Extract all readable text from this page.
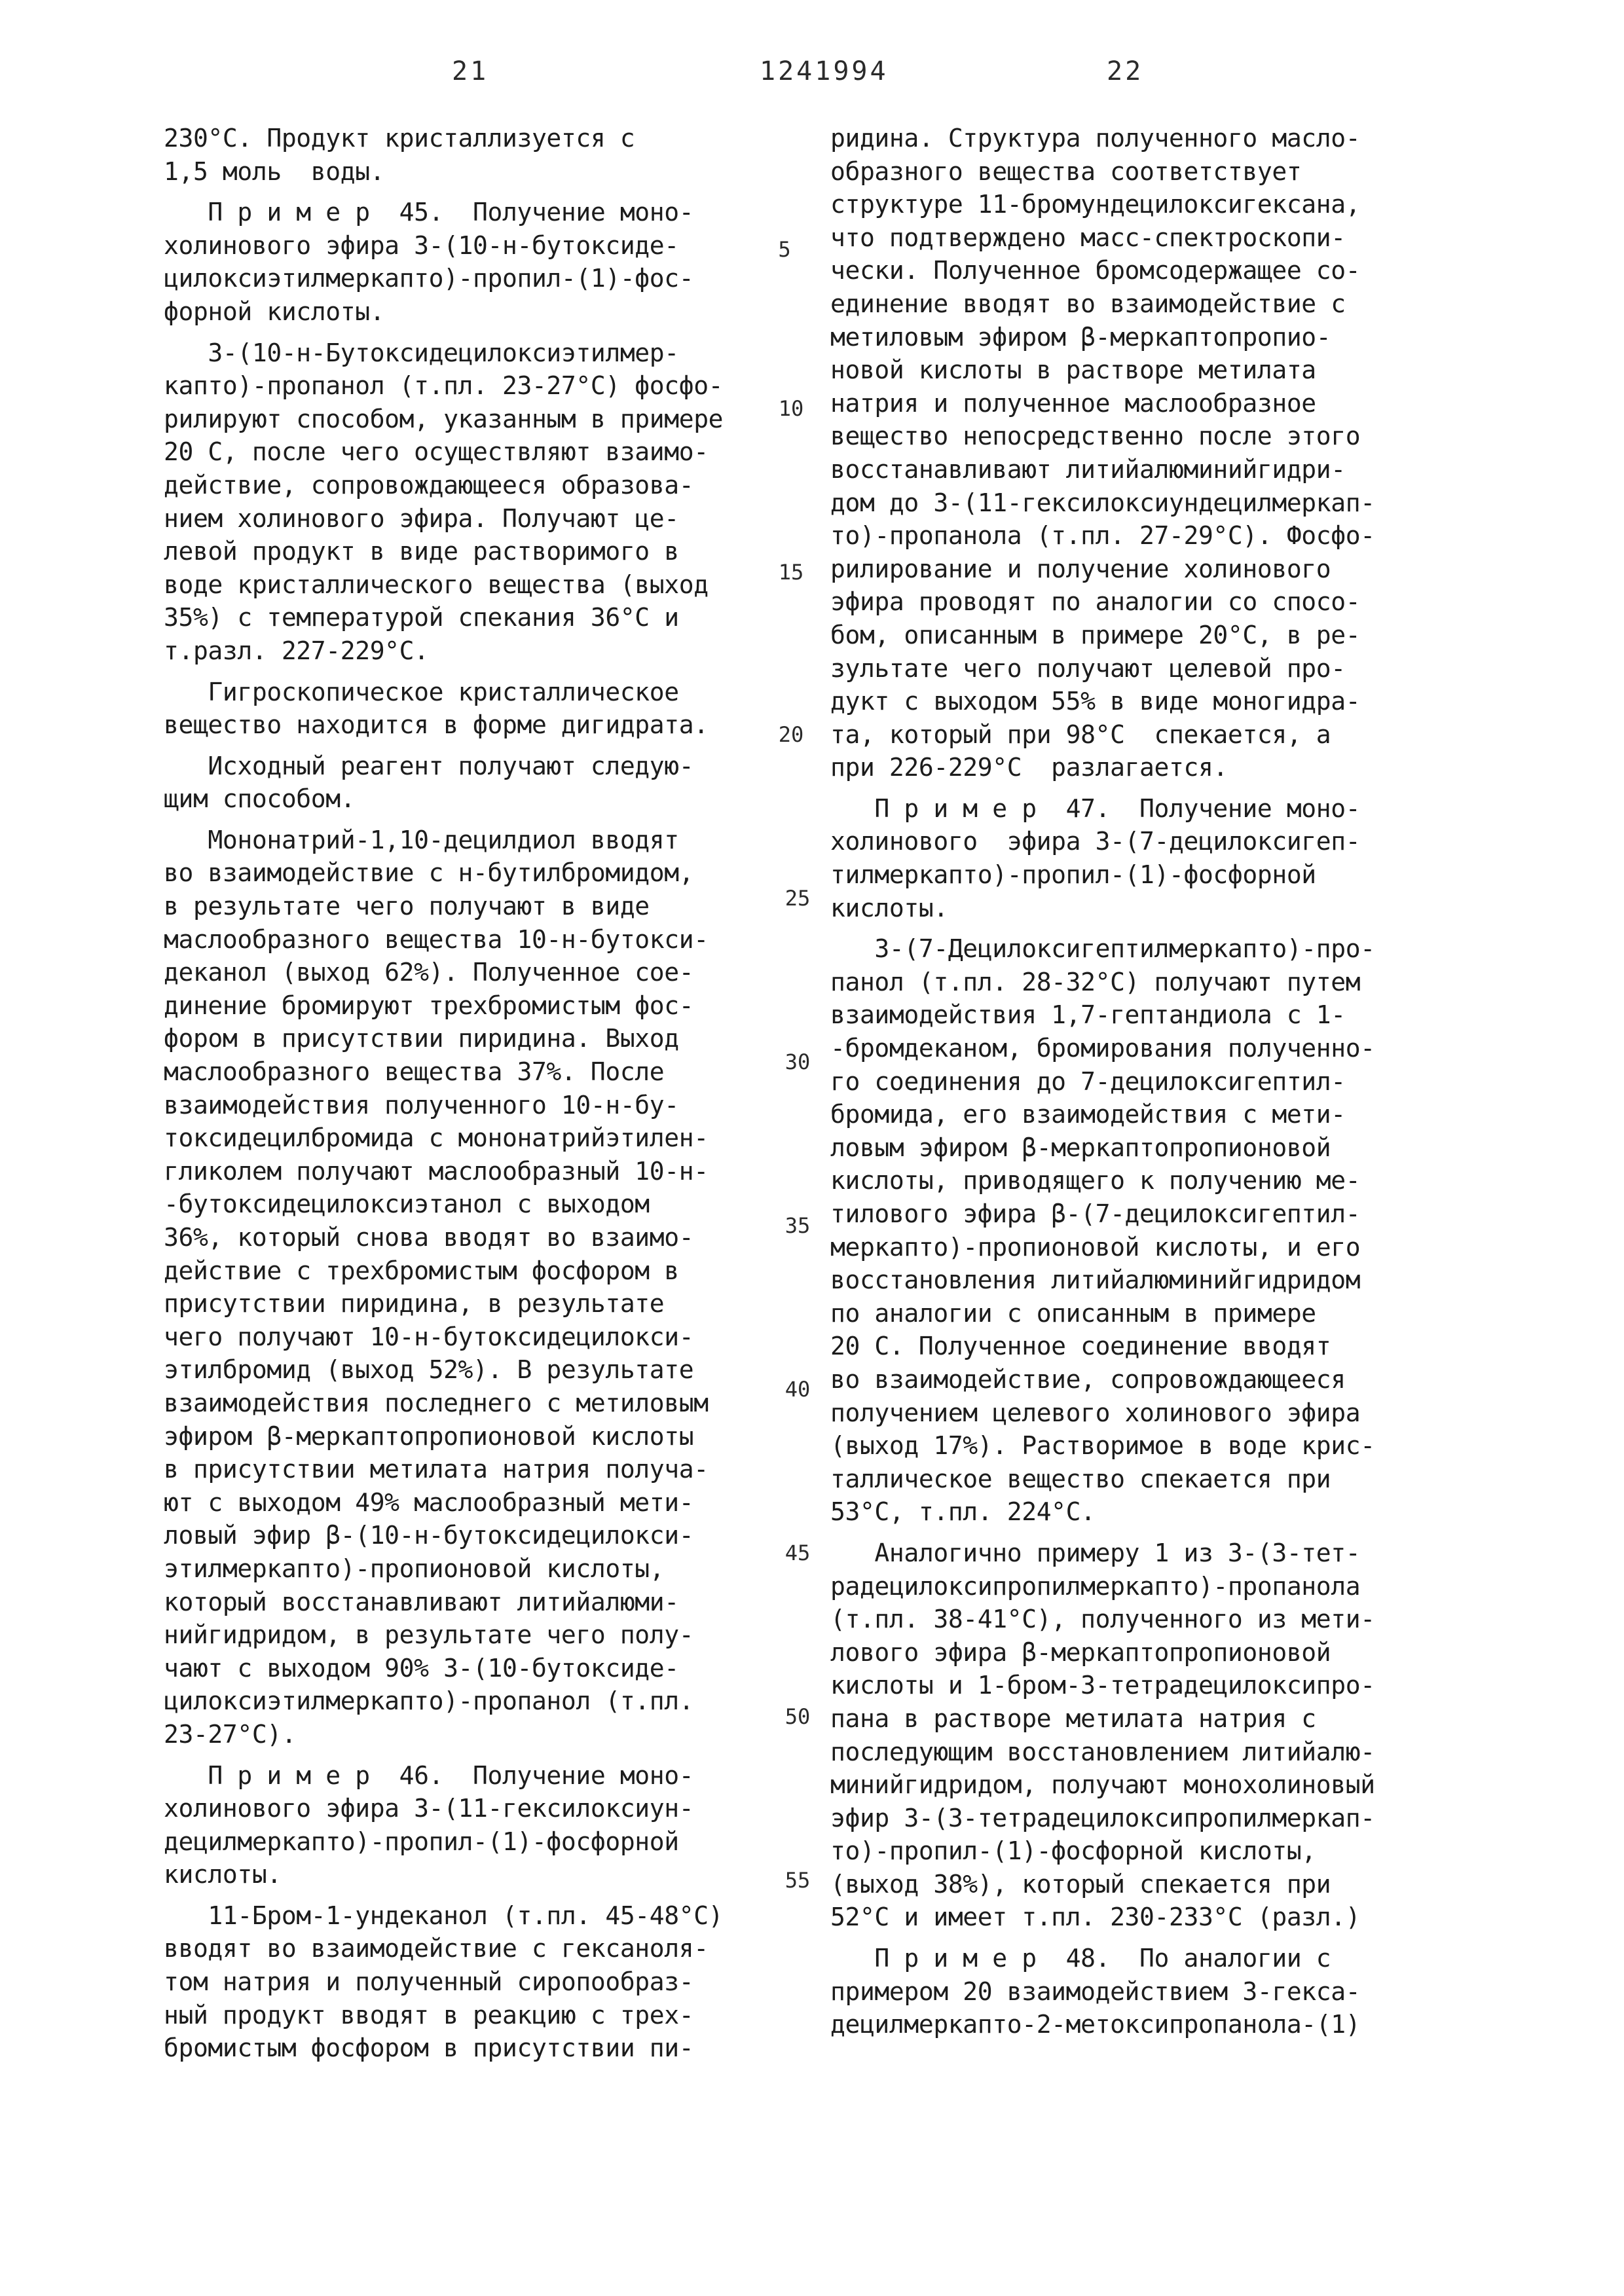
21	1241994	22

230°С. Продукт кристаллизуется с
1,5 моль  воды.

П р и м е р  45.  Получение моно-
холинового эфира 3-(10-н-бутоксиде-
цилоксиэтилмеркапто)-пропил-(1)-фос-
форной кислоты.

3-(10-н-Бутоксидецилоксиэтилмер-
капто)-пропанол (т.пл. 23-27°С) фосфо-
рилируют способом, указанным в примере
20 С, после чего осуществляют взаимо-
действие, сопровождающееся образова-
нием холинового эфира. Получают це-
левой продукт в виде растворимого в
воде кристаллического вещества (выход
35%) с температурой спекания 36°С и
т.разл. 227-229°С.

Гигроскопическое кристаллическое
вещество находится в форме дигидрата.

Исходный реагент получают следую-
щим способом.

Мононатрий-1,10-децилдиол вводят
во взаимодействие с н-бутилбромидом,
в результате чего получают в виде
маслообразного вещества 10-н-бутокси-
деканол (выход 62%). Полученное сое-
динение бромируют трехбромистым фос-
фором в присутствии пиридина. Выход
маслообразного вещества 37%. После
взаимодействия полученного 10-н-бу-
токсидецилбромида с мононатрийэтилен-
гликолем получают маслообразный 10-н-
-бутоксидецилоксиэтанол с выходом
36%, который снова вводят во взаимо-
действие с трехбромистым фосфором в
присутствии пиридина, в результате
чего получают 10-н-бутоксидецилокси-
этилбромид (выход 52%). В результате
взаимодействия последнего с метиловым
эфиром β-меркаптопропионовой кислоты
в присутствии метилата натрия получа-
ют с выходом 49% маслообразный мети-
ловый эфир β-(10-н-бутоксидецилокси-
этилмеркапто)-пропионовой кислоты,
который восстанавливают литийалюми-
нийгидридом, в результате чего полу-
чают с выходом 90% 3-(10-бутоксиде-
цилоксиэтилмеркапто)-пропанол (т.пл.
23-27°С).

П р и м е р  46.  Получение моно-
холинового эфира 3-(11-гексилоксиун-
децилмеркапто)-пропил-(1)-фосфорной
кислоты.

11-Бром-1-ундеканол (т.пл. 45-48°С)
вводят во взаимодействие с гексаноля-
том натрия и полученный сиропообраз-
ный продукт вводят в реакцию с трех-
бромистым фосфором в присутствии пи-

ридина. Структура полученного масло-
образного вещества соответствует
структуре 11-бромундецилоксигексана,
что подтверждено масс-спектроскопи-
чески. Полученное бромсодержащее со-
единение вводят во взаимодействие с
метиловым эфиром β-меркаптопропио-
новой кислоты в растворе метилата
натрия и полученное маслообразное
вещество непосредственно после этого
восстанавливают литийалюминийгидри-
дом до 3-(11-гексилоксиундецилмеркап-
то)-пропанола (т.пл. 27-29°С). Фосфо-
рилирование и получение холинового
эфира проводят по аналогии со спосо-
бом, описанным в примере 20°С, в ре-
зультате чего получают целевой про-
дукт с выходом 55% в виде моногидра-
та, который при 98°С  спекается, а
при 226-229°С  разлагается.

П р и м е р  47.  Получение моно-
холинового  эфира 3-(7-децилоксигеп-
тилмеркапто)-пропил-(1)-фосфорной
кислоты.

3-(7-Децилоксигептилмеркапто)-про-
панол (т.пл. 28-32°С) получают путем
взаимодействия 1,7-гептандиола с 1-
-бромдеканом, бромирования полученно-
го соединения до 7-децилоксигептил-
бромида, его взаимодействия с мети-
ловым эфиром β-меркаптопропионовой
кислоты, приводящего к получению ме-
тилового эфира β-(7-децилоксигептил-
меркапто)-пропионовой кислоты, и его
восстановления литийалюминийгидридом
по аналогии с описанным в примере
20 С. Полученное соединение вводят
во взаимодействие, сопровождающееся
получением целевого холинового эфира
(выход 17%). Растворимое в воде крис-
таллическое вещество спекается при
53°С, т.пл. 224°С.

Аналогично примеру 1 из 3-(3-тет-
радецилоксипропилмеркапто)-пропанола
(т.пл. 38-41°С), полученного из мети-
лового эфира β-меркаптопропионовой
кислоты и 1-бром-3-тетрадецилоксипро-
пана в растворе метилата натрия с
последующим восстановлением литийалю-
минийгидридом, получают монохолиновый
эфир 3-(3-тетрадецилоксипропилмеркап-
то)-пропил-(1)-фосфорной кислоты,
(выход 38%), который спекается при
52°С и имеет т.пл. 230-233°С (разл.)

П р и м е р  48.  По аналогии с
примером 20 взаимодействием 3-гекса-
децилмеркапто-2-метоксипропанола-(1)

5
10
15
20
25
30
35
40
45
50
55
